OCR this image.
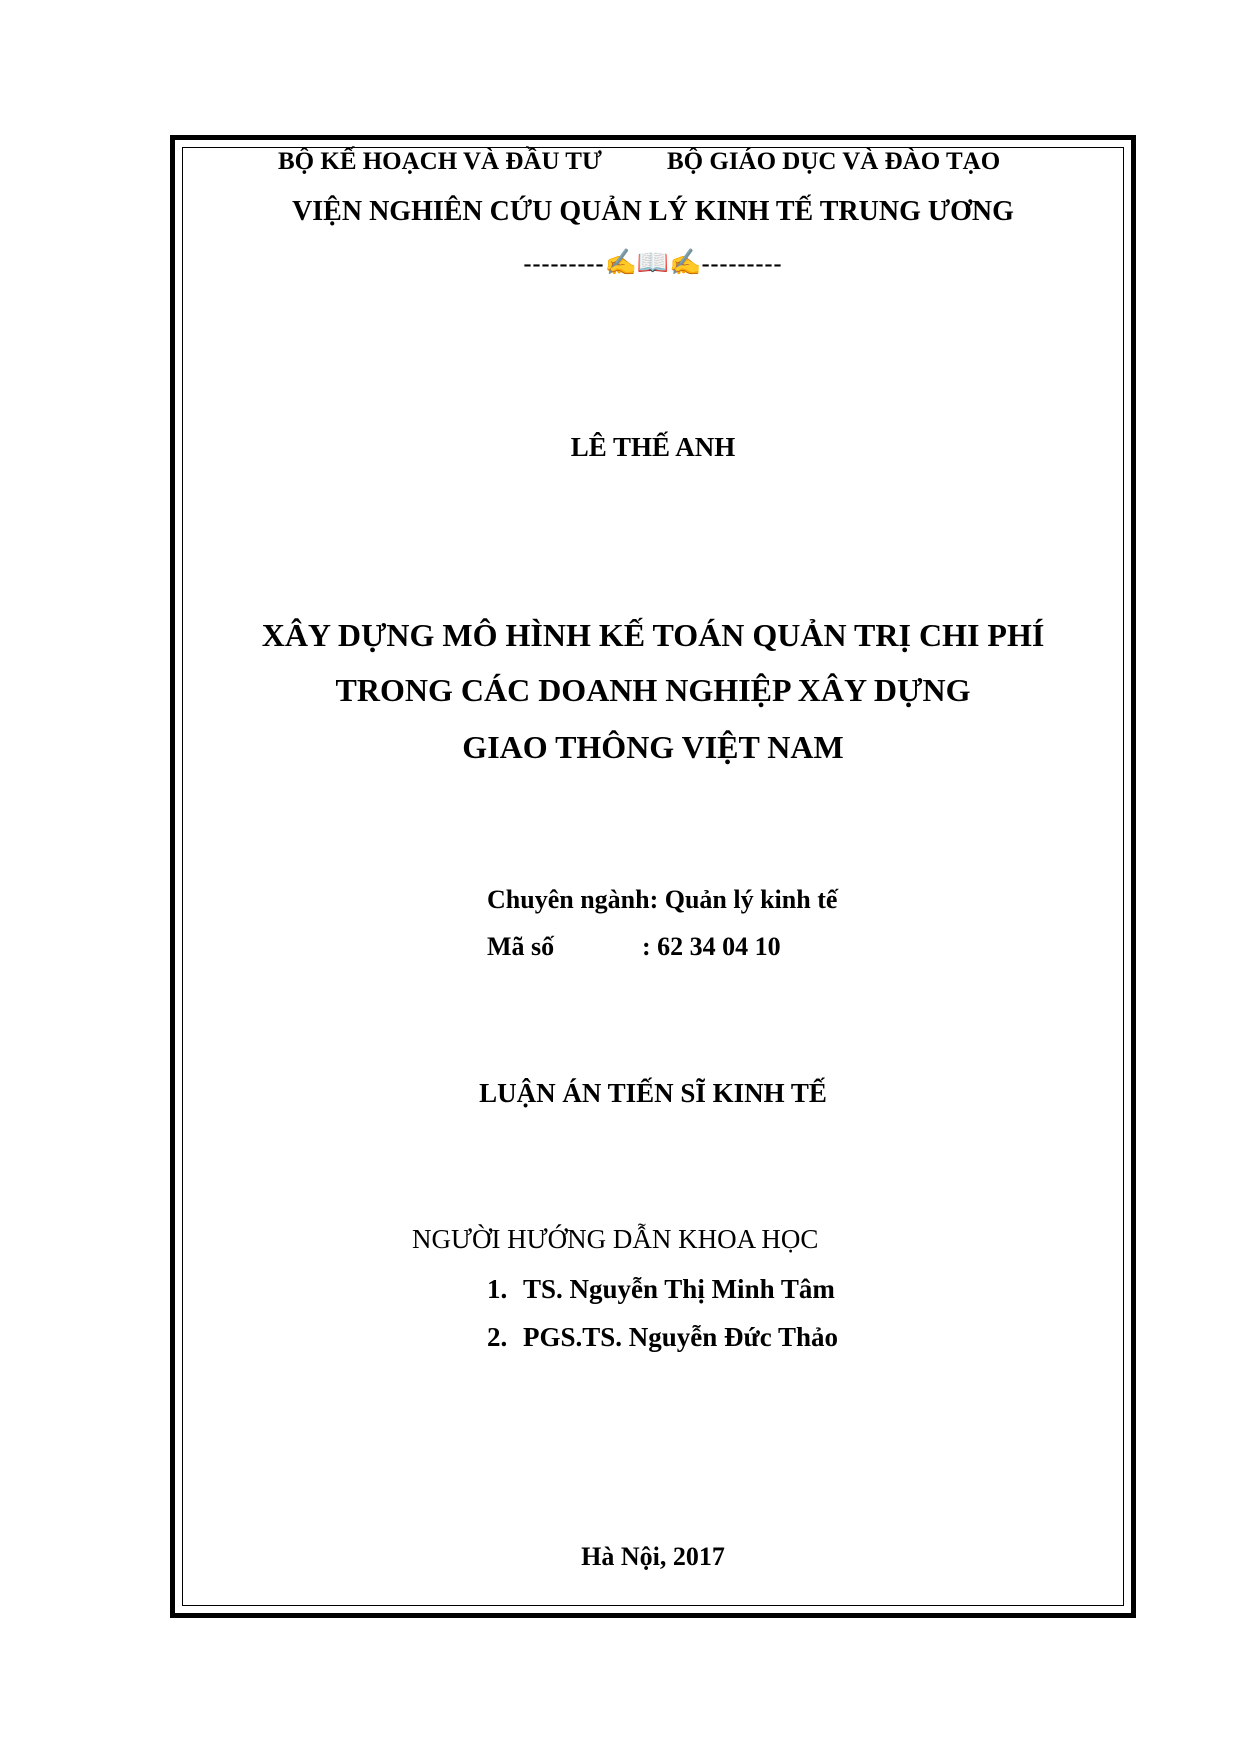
BỘ KẾ HOẠCH VÀ ĐẦU TƯ	BỘ GIÁO DỤC VÀ ĐÀO TẠO
VIỆN NGHIÊN CỨU QUẢN LÝ KINH TẾ TRUNG ƯƠNG
---------✍📖✍---------
LÊ THẾ ANH
XÂY DỰNG MÔ HÌNH KẾ TOÁN QUẢN TRỊ CHI PHÍ
TRONG CÁC DOANH NGHIỆP XÂY DỰNG
GIAO THÔNG VIỆT NAM
Chuyên ngành: Quản lý kinh tế
Mã số	: 62 34 04 10
LUẬN ÁN TIẾN SĨ KINH TẾ
NGƯỜI HƯỚNG DẪN KHOA HỌC
1. TS. Nguyễn Thị Minh Tâm
2. PGS.TS. Nguyễn Đức Thảo
Hà Nội, 2017
